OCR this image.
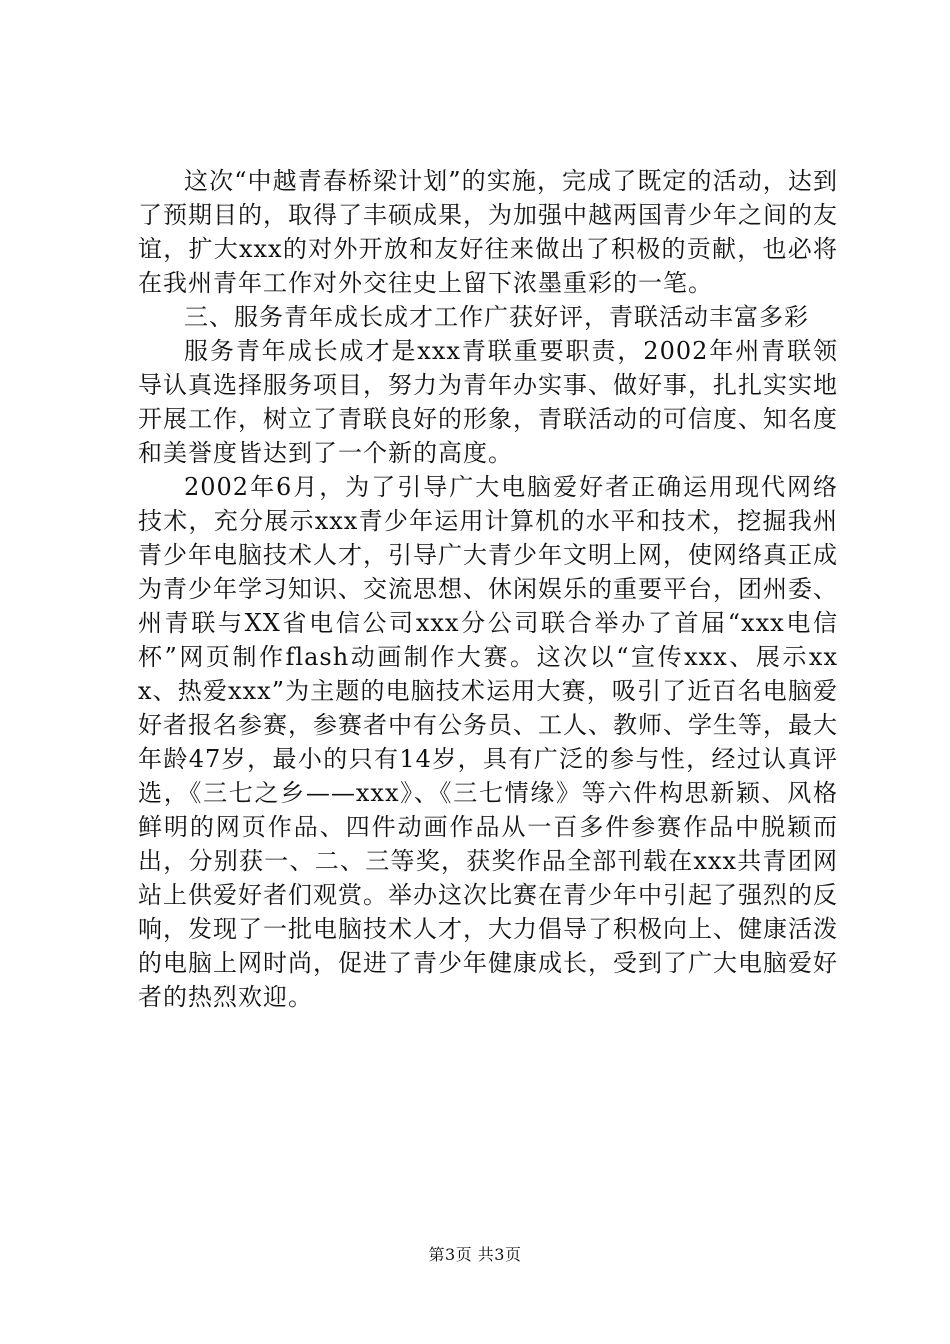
这次“中越青春桥梁计划”的实施，完成了既定的活动，达到了预期目的，取得了丰硕成果，为加强中越两国青少年之间的友谊，扩大xxx的对外开放和友好往来做出了积极的贡献，也必将在我州青年工作对外交往史上留下浓墨重彩的一笔。

三、服务青年成长成才工作广获好评，青联活动丰富多彩

服务青年成长成才是xxx青联重要职责，2002年州青联领导认真选择服务项目，努力为青年办实事、做好事，扎扎实实地开展工作，树立了青联良好的形象，青联活动的可信度、知名度和美誉度皆达到了一个新的高度。

2002年6月，为了引导广大电脑爱好者正确运用现代网络技术，充分展示xxx青少年运用计算机的水平和技术，挖掘我州青少年电脑技术人才，引导广大青少年文明上网，使网络真正成为青少年学习知识、交流思想、休闲娱乐的重要平台，团州委、州青联与XX省电信公司xxx分公司联合举办了首届“xxx电信杯”网页制作flash动画制作大赛。这次以“宣传xxx、展示xxx、热爱xxx”为主题的电脑技术运用大赛，吸引了近百名电脑爱好者报名参赛，参赛者中有公务员、工人、教师、学生等，最大年龄47岁，最小的只有14岁，具有广泛的参与性，经过认真评选，《三七之乡——xxx》、《三七情缘》等六件构思新颖、风格鲜明的网页作品、四件动画作品从一百多件参赛作品中脱颖而出，分别获一、二、三等奖，获奖作品全部刊载在xxx共青团网站上供爱好者们观赏。举办这次比赛在青少年中引起了强烈的反响，发现了一批电脑技术人才，大力倡导了积极向上、健康活泼的电脑上网时尚，促进了青少年健康成长，受到了广大电脑爱好者的热烈欢迎。

第3页 共3页
